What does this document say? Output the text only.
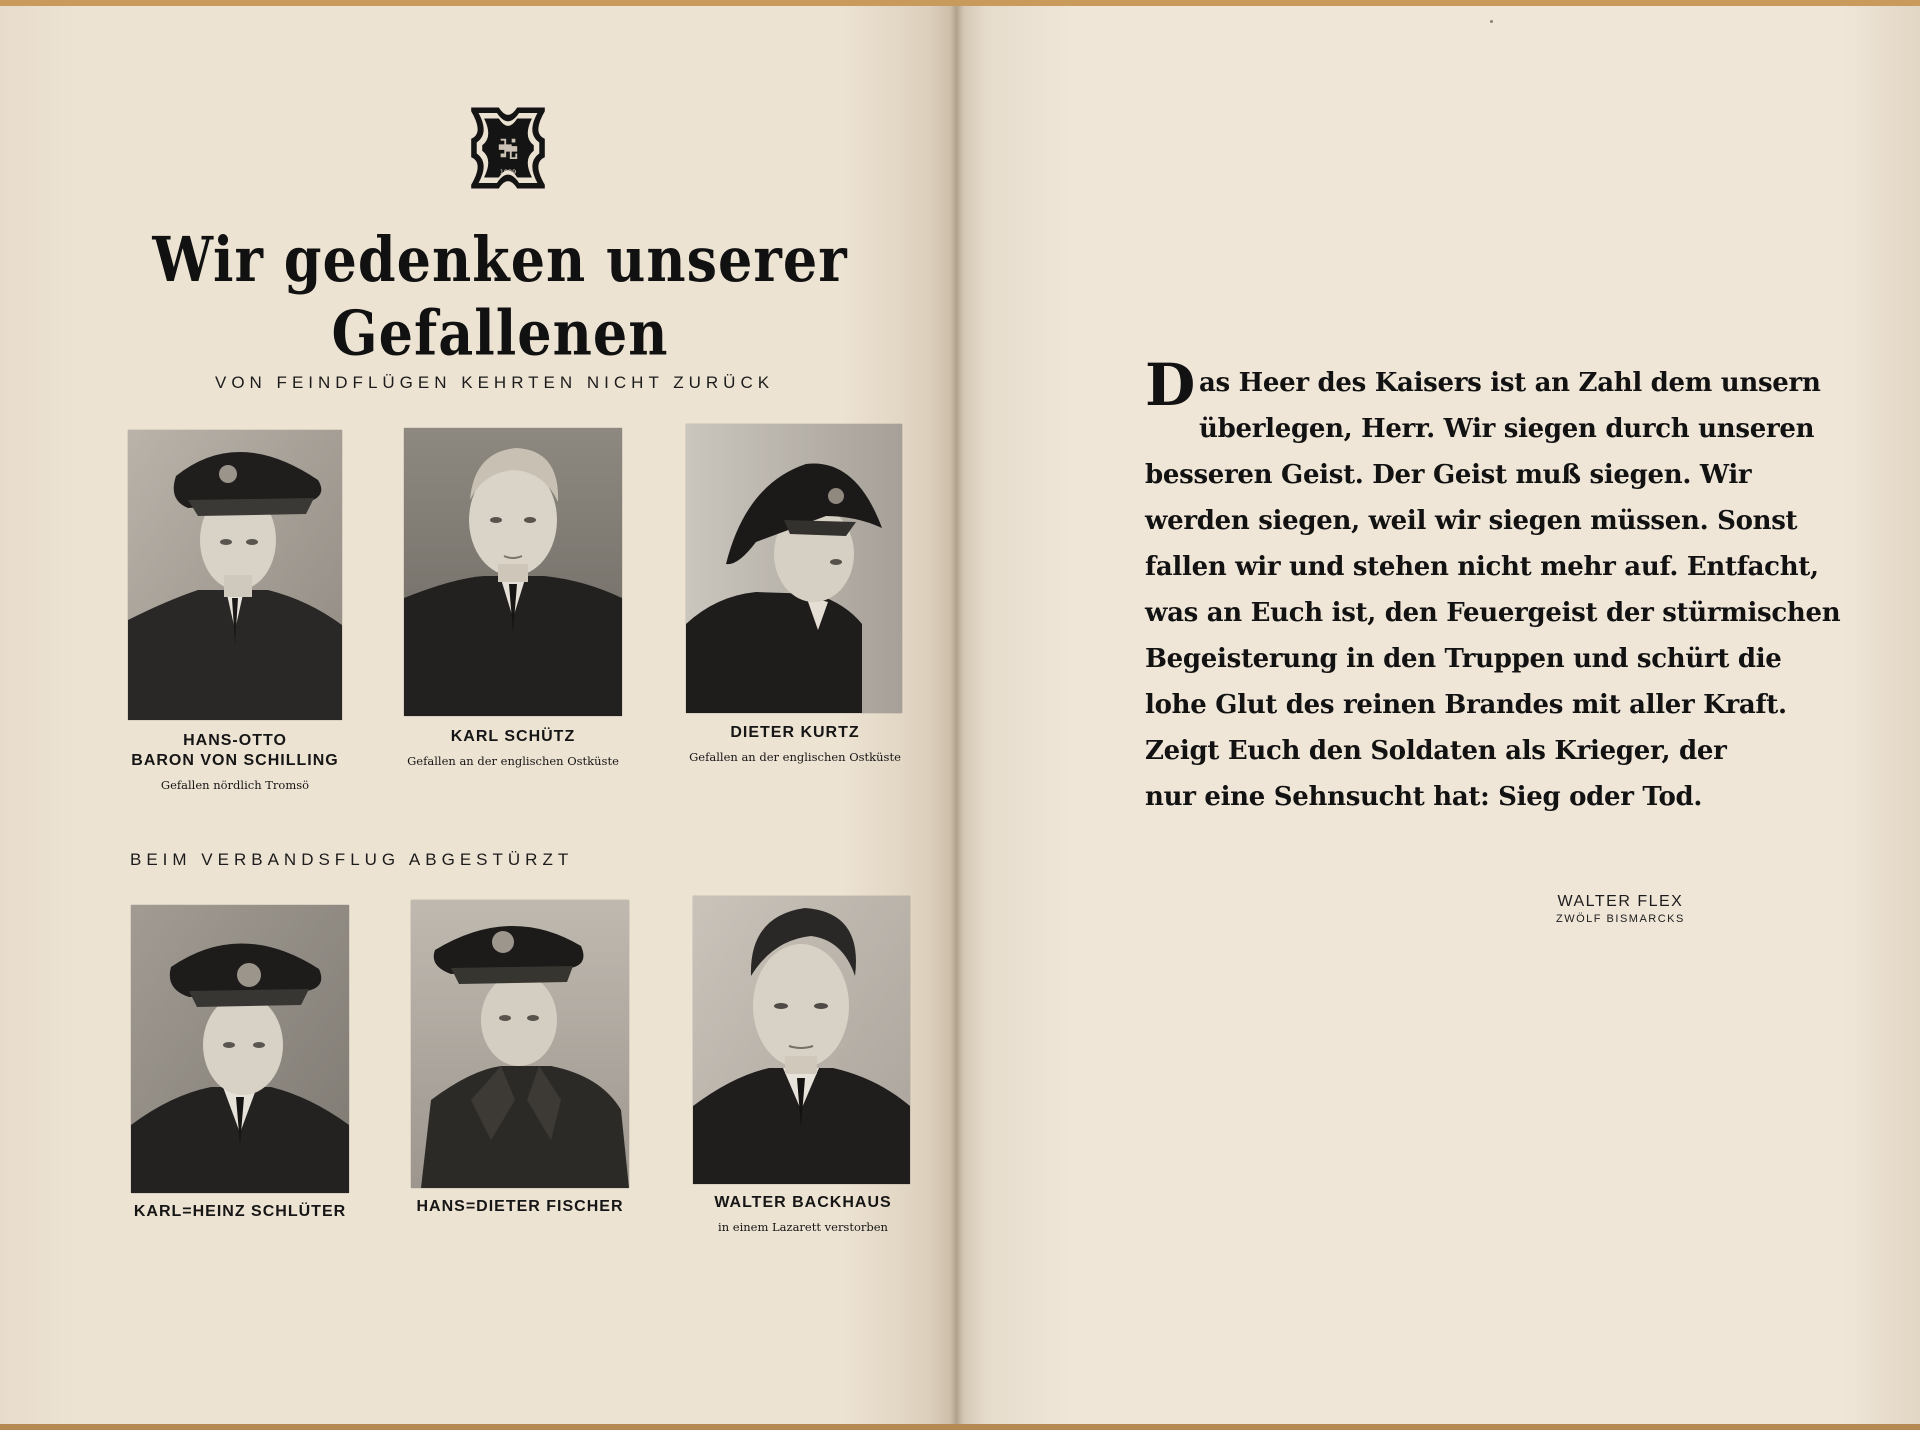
1939
Wir gedenken unserer Gefallenen
VON FEINDFLÜGEN KEHRTEN NICHT ZURÜCK
BEIM VERBANDSFLUG ABGESTÜRZT
HANS-OTTO
BARON VON SCHILLING
Gefallen nördlich Tromsö
KARL SCHÜTZ
Gefallen an der englischen Ostküste
DIETER KURTZ
Gefallen an der englischen Ostküste
KARL=HEINZ SCHLÜTER	HANS=DIETER FISCHER	WALTER BACKHAUS
in einem Lazarett verstorben
D as Heer des Kaisers ist an Zahl dem unsern
überlegen, Herr. Wir siegen durch unseren
besseren Geist. Der Geist muß siegen. Wir
werden siegen, weil wir siegen müssen. Sonst
fallen wir und stehen nicht mehr auf. Entfacht,
was an Euch ist, den Feuergeist der stürmischen
Begeisterung in den Truppen und schürt die
lohe Glut des reinen Brandes mit aller Kraft.
Zeigt Euch den Soldaten als Krieger, der
nur eine Sehnsucht hat: Sieg oder Tod.
WALTER FLEX
ZWÖLF BISMARCKS
